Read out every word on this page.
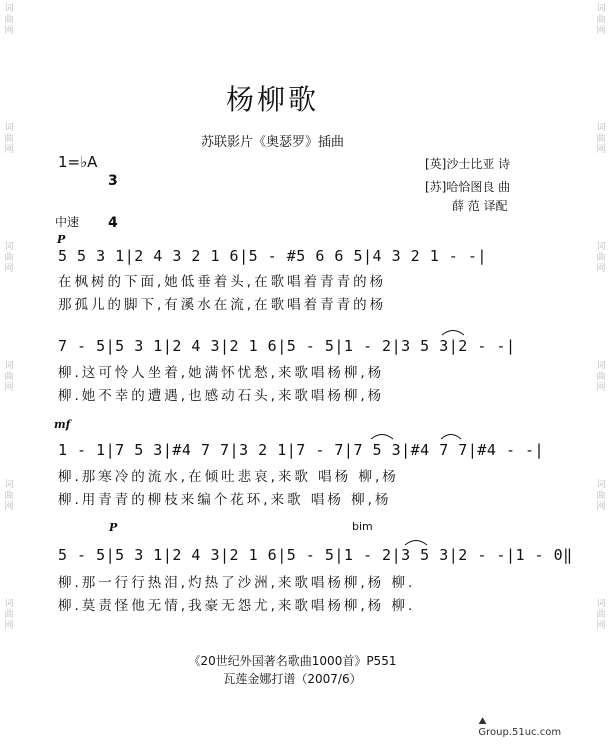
词
曲
网
词
曲
网
词
曲
网
词
曲
网
词
曲
网
词
曲
网
词
曲
网
词
曲
网
词
曲
网
词
曲
网
词
曲
网
词
曲
网
杨柳歌
苏联影片《奥瑟罗》插曲
1=♭A

3

4

[英]沙士比亚 诗
[苏]哈恰图良 曲
薛 范 译配
中速
P
5 5 3 1|2 4 3 2 1 6|5 - #5 6 6 5|4 3 2 1 - -|
在枫树的下面,她低垂着头,在歌唱着青青的杨
那孤儿的脚下,有溪水在流,在歌唱着青青的杨
7 - 5|5 3 1|2 4 3|2 1 6|5 - 5|1 - 2|3 5 3|2 - -|
柳.这可怜人坐着,她满怀忧愁,来歌唱杨柳,杨
柳.她不幸的遭遇,也感动石头,来歌唱杨柳,杨
mf
1 - 1|7 5 3|#4 7 7|3 2 1|7 - 7|7 5 3|#4 7 7|#4 - -|
柳.那寒冷的流水,在倾吐悲哀,来歌 唱杨 柳,杨
柳.用青青的柳枝来编个花环,来歌 唱杨 柳,杨
P	bim
5 - 5|5 3 1|2 4 3|2 1 6|5 - 5|1 - 2|3 5 3|2 - -|1 - 0‖
柳.那一行行热泪,灼热了沙洲,来歌唱杨柳,杨 柳.
柳.莫责怪他无情,我豪无怨尤,来歌唱杨柳,杨 柳.
《20世纪外国著名歌曲1000首》P551
瓦莲金娜打谱（2007/6）

⛰
Group.51uc.com
